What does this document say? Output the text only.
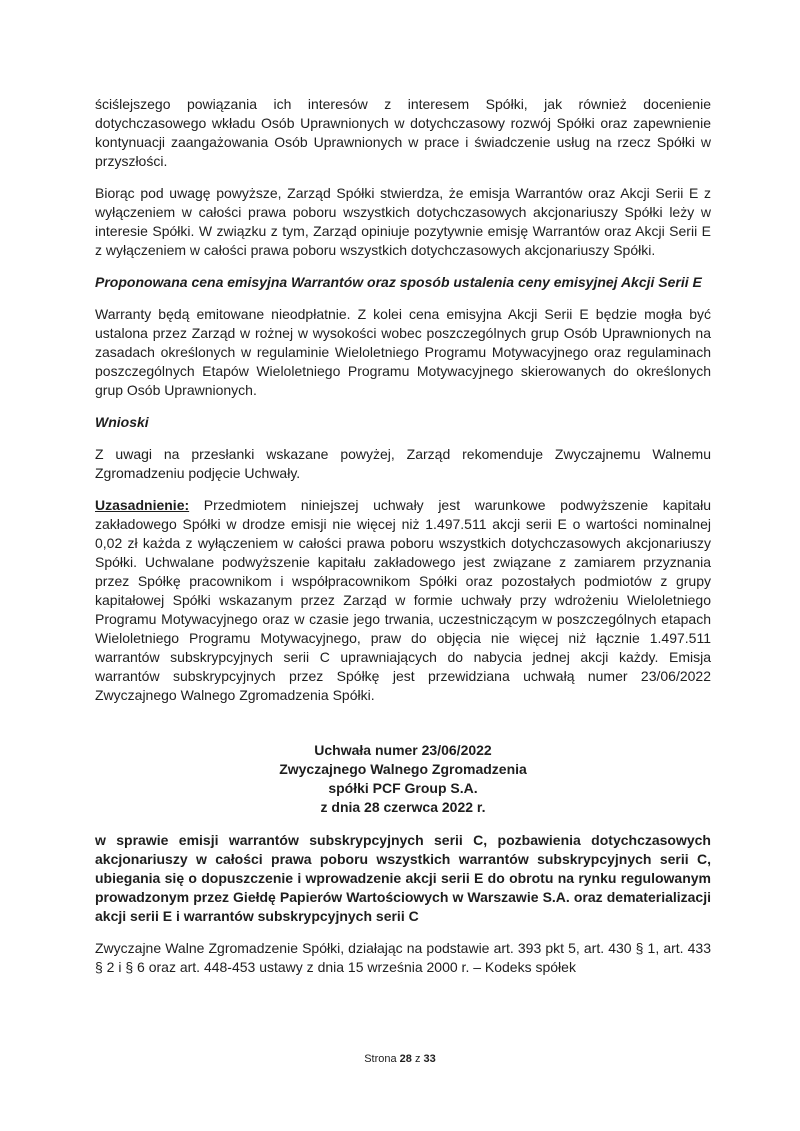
ściślejszego powiązania ich interesów z interesem Spółki, jak również docenienie dotychczasowego wkładu Osób Uprawnionych w dotychczasowy rozwój Spółki oraz zapewnienie kontynuacji zaangażowania Osób Uprawnionych w prace i świadczenie usług na rzecz Spółki w przyszłości.

Biorąc pod uwagę powyższe, Zarząd Spółki stwierdza, że emisja Warrantów oraz Akcji Serii E z wyłączeniem w całości prawa poboru wszystkich dotychczasowych akcjonariuszy Spółki leży w interesie Spółki. W związku z tym, Zarząd opiniuje pozytywnie emisję Warrantów oraz Akcji Serii E z wyłączeniem w całości prawa poboru wszystkich dotychczasowych akcjonariuszy Spółki.

Proponowana cena emisyjna Warrantów oraz sposób ustalenia ceny emisyjnej Akcji Serii E

Warranty będą emitowane nieodpłatnie. Z kolei cena emisyjna Akcji Serii E będzie mogła być ustalona przez Zarząd w rożnej w wysokości wobec poszczególnych grup Osób Uprawnionych na zasadach określonych w regulaminie Wieloletniego Programu Motywacyjnego oraz regulaminach poszczególnych Etapów Wieloletniego Programu Motywacyjnego skierowanych do określonych grup Osób Uprawnionych.

Wnioski

Z uwagi na przesłanki wskazane powyżej, Zarząd rekomenduje Zwyczajnemu Walnemu Zgromadzeniu podjęcie Uchwały.

Uzasadnienie: Przedmiotem niniejszej uchwały jest warunkowe podwyższenie kapitału zakładowego Spółki w drodze emisji nie więcej niż 1.497.511 akcji serii E o wartości nominalnej 0,02 zł każda z wyłączeniem w całości prawa poboru wszystkich dotychczasowych akcjonariuszy Spółki. Uchwalane podwyższenie kapitału zakładowego jest związane z zamiarem przyznania przez Spółkę pracownikom i współpracownikom Spółki oraz pozostałych podmiotów z grupy kapitałowej Spółki wskazanym przez Zarząd w formie uchwały przy wdrożeniu Wieloletniego Programu Motywacyjnego oraz w czasie jego trwania, uczestniczącym w poszczególnych etapach Wieloletniego Programu Motywacyjnego, praw do objęcia nie więcej niż łącznie 1.497.511 warrantów subskrypcyjnych serii C uprawniających do nabycia jednej akcji każdy. Emisja warrantów subskrypcyjnych przez Spółkę jest przewidziana uchwałą numer 23/06/2022 Zwyczajnego Walnego Zgromadzenia Spółki.

Uchwała numer 23/06/2022
Zwyczajnego Walnego Zgromadzenia
spółki PCF Group S.A.
z dnia 28 czerwca 2022 r.

w sprawie emisji warrantów subskrypcyjnych serii C, pozbawienia dotychczasowych akcjonariuszy w całości prawa poboru wszystkich warrantów subskrypcyjnych serii C, ubiegania się o dopuszczenie i wprowadzenie akcji serii E do obrotu na rynku regulowanym prowadzonym przez Giełdę Papierów Wartościowych w Warszawie S.A. oraz dematerializacji akcji serii E i warrantów subskrypcyjnych serii C

Zwyczajne Walne Zgromadzenie Spółki, działając na podstawie art. 393 pkt 5, art. 430 § 1, art. 433 § 2 i § 6 oraz art. 448-453 ustawy z dnia 15 września 2000 r. – Kodeks spółek

Strona 28 z 33
